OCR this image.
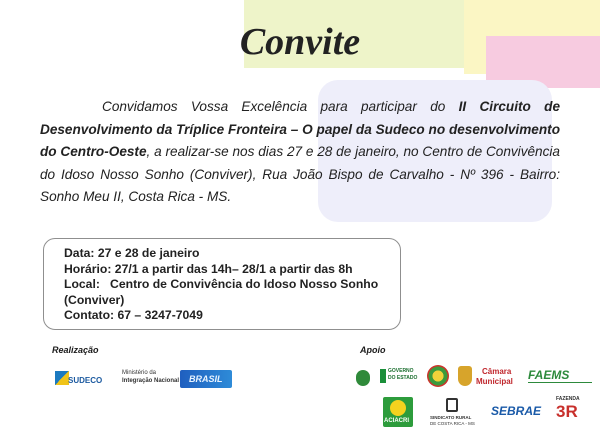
Convite
Convidamos Vossa Excelência para participar do II Circuito de Desenvolvimento da Tríplice Fronteira – O papel da Sudeco no desenvolvimento do Centro-Oeste, a realizar-se nos dias 27 e 28 de janeiro, no Centro de Convivência do Idoso Nosso Sonho (Conviver), Rua João Bispo de Carvalho - Nº 396 - Bairro: Sonho Meu II, Costa Rica - MS.
Data: 27 e 28 de janeiro
Horário: 27/1 a partir das 14h– 28/1 a partir das 8h
Local:   Centro de Convivência do Idoso Nosso Sonho
(Conviver)
Contato: 67 – 3247-7049
Realização	Apoio
SUDECO
Ministério da
Integração Nacional BRASIL
GOVERNO
DO ESTADO
Câmara
Municipal FAEMS
ACIACRI
SINDICATO RURAL
DE COSTA RICA - MS
SEBRAE
FAZENDA
3R
